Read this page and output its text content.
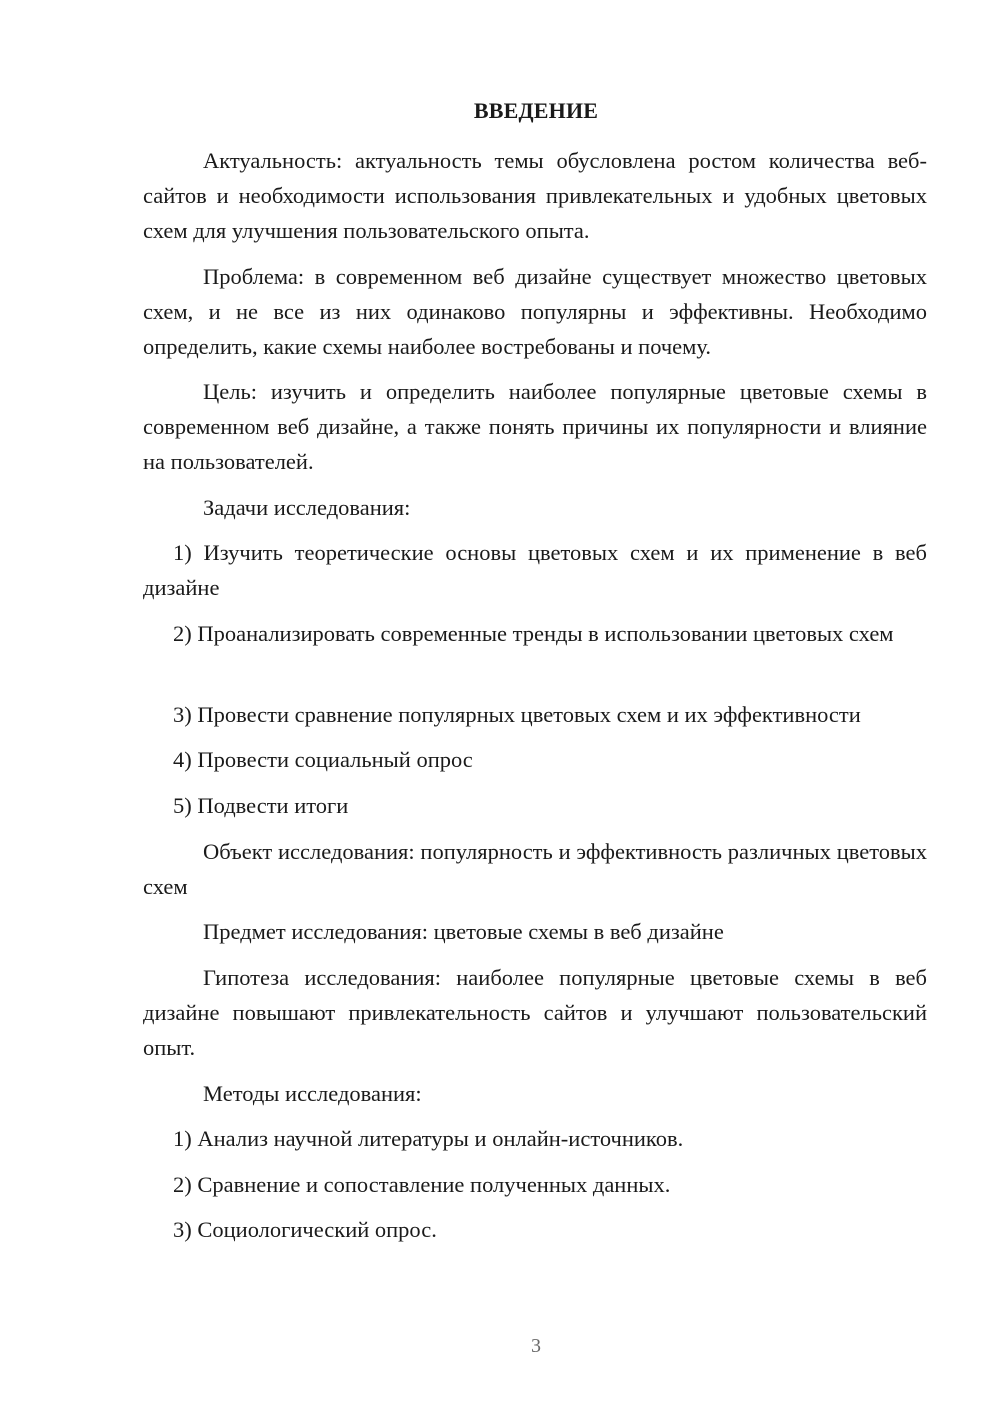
ВВЕДЕНИЕ

Актуальность: актуальность темы обусловлена ростом количества веб-сайтов и необходимости использования привлекательных и удобных цветовых схем для улучшения пользовательского опыта.

Проблема: в современном веб дизайне существует множество цветовых схем, и не все из них одинаково популярны и эффективны. Необходимо определить, какие схемы наиболее востребованы и почему.

Цель: изучить и определить наиболее популярные цветовые схемы в современном веб дизайне, а также понять причины их популярности и влияние на пользователей.

Задачи исследования:

1) Изучить теоретические основы цветовых схем и их применение в веб дизайне

2) Проанализировать современные тренды в использовании цветовых схем

3) Провести сравнение популярных цветовых схем и их эффективности

4) Провести социальный опрос

5) Подвести итоги

Объект исследования: популярность и эффективность различных цветовых схем

Предмет исследования: цветовые схемы в веб дизайне

Гипотеза исследования: наиболее популярные цветовые схемы в веб дизайне повышают привлекательность сайтов и улучшают пользовательский опыт.

Методы исследования:

1) Анализ научной литературы и онлайн-источников.

2) Сравнение и сопоставление полученных данных.

3) Социологический опрос.

3
